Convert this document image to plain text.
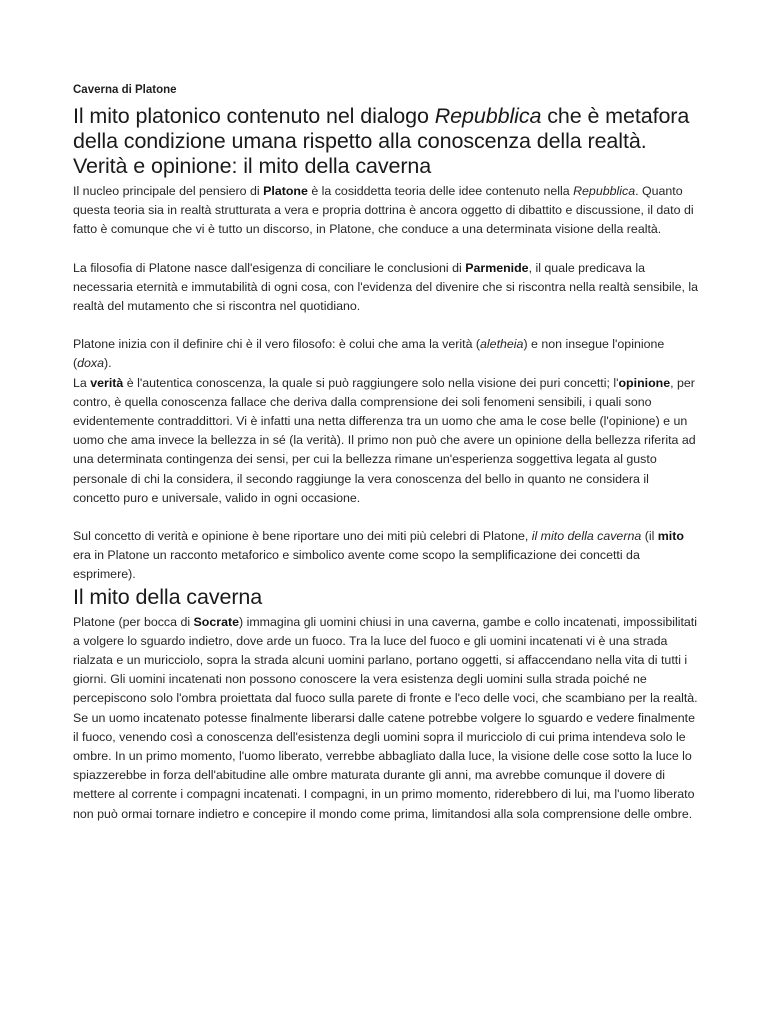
Caverna di Platone
Il mito platonico contenuto nel dialogo Repubblica che è metafora della condizione umana rispetto alla conoscenza della realtà.
Verità e opinione: il mito della caverna

Il nucleo principale del pensiero di Platone è la cosiddetta teoria delle idee contenuto nella Repubblica. Quanto questa teoria sia in realtà strutturata a vera e propria dottrina è ancora oggetto di dibattito e discussione, il dato di fatto è comunque che vi è tutto un discorso, in Platone, che conduce a una determinata visione della realtà.

La filosofia di Platone nasce dall'esigenza di conciliare le conclusioni di Parmenide, il quale predicava la necessaria eternità e immutabilità di ogni cosa, con l'evidenza del divenire che si riscontra nella realtà sensibile, la realtà del mutamento che si riscontra nel quotidiano.

Platone inizia con il definire chi è il vero filosofo: è colui che ama la verità (aletheia) e non insegue l'opinione (doxa).

La verità è l'autentica conoscenza, la quale si può raggiungere solo nella visione dei puri concetti; l'opinione, per contro, è quella conoscenza fallace che deriva dalla comprensione dei soli fenomeni sensibili, i quali sono evidentemente contraddittori. Vi è infatti una netta differenza tra un uomo che ama le cose belle (l'opinione) e un uomo che ama invece la bellezza in sé (la verità). Il primo non può che avere un opinione della bellezza riferita ad una determinata contingenza dei sensi, per cui la bellezza rimane un'esperienza soggettiva legata al gusto personale di chi la considera, il secondo raggiunge la vera conoscenza del bello in quanto ne considera il concetto puro e universale, valido in ogni occasione.

Sul concetto di verità e opinione è bene riportare uno dei miti più celebri di Platone, il mito della caverna (il mito era in Platone un racconto metaforico e simbolico avente come scopo la semplificazione dei concetti da esprimere).

Il mito della caverna

Platone (per bocca di Socrate) immagina gli uomini chiusi in una caverna, gambe e collo incatenati, impossibilitati a volgere lo sguardo indietro, dove arde un fuoco. Tra la luce del fuoco e gli uomini incatenati vi è una strada rialzata e un muricciolo, sopra la strada alcuni uomini parlano, portano oggetti, si affaccendano nella vita di tutti i giorni. Gli uomini incatenati non possono conoscere la vera esistenza degli uomini sulla strada poiché ne percepiscono solo l'ombra proiettata dal fuoco sulla parete di fronte e l'eco delle voci, che scambiano per la realtà. Se un uomo incatenato potesse finalmente liberarsi dalle catene potrebbe volgere lo sguardo e vedere finalmente il fuoco, venendo così a conoscenza dell'esistenza degli uomini sopra il muricciolo di cui prima intendeva solo le ombre. In un primo momento, l'uomo liberato, verrebbe abbagliato dalla luce, la visione delle cose sotto la luce lo spiazzerebbe in forza dell'abitudine alle ombre maturata durante gli anni, ma avrebbe comunque il dovere di mettere al corrente i compagni incatenati. I compagni, in un primo momento, riderebbero di lui, ma l'uomo liberato non può ormai tornare indietro e concepire il mondo come prima, limitandosi alla sola comprensione delle ombre.
